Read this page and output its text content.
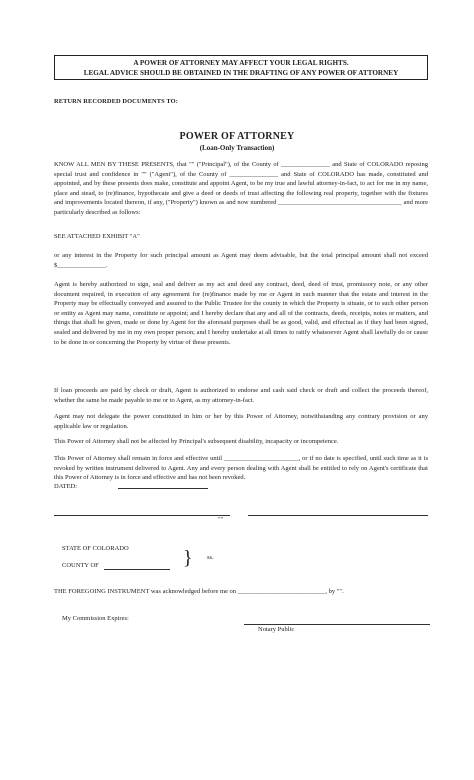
A POWER OF ATTORNEY MAY AFFECT YOUR LEGAL RIGHTS.
LEGAL ADVICE SHOULD BE OBTAINED IN THE DRAFTING OF ANY POWER OF ATTORNEY
RETURN RECORDED DOCUMENTS TO:
POWER OF ATTORNEY
(Loan-Only Transaction)
KNOW ALL MEN BY THESE PRESENTS, that "" ("Principal"), of the County of _______________ and State of COLORADO reposing special trust and confidence in "" ("Agent"), of the County of _______________ and State of COLORADO has made, constituted and appointed, and by these presents does make, constitute and appoint Agent, to be my true and lawful attorney-in-fact, to act for me in my name, place and stead, to (re)finance, hypothecate and give a deed or deeds of trust affecting the following real property, together with the fixtures and improvements located thereon, if any, ("Property") known as and now numbered ______________________________________ and more particularly described as follows:
SEE ATTACHED EXHIBIT "A"
or any interest in the Property for such principal amount as Agent may deem advisable, but the total principal amount shall not exceed $_______________.
Agent is hereby authorized to sign, seal and deliver as my act and deed any contract, deed, deed of trust, promissory note, or any other document required, in execution of any agreement for (re)finance made by me or Agent in such manner that the estate and interest in the Property may be effectually conveyed and assured to the Public Trustee for the county in which the Property is situate, or to such other person or entity as Agent may name, constitute or appoint; and I hereby declare that any and all of the contracts, deeds, receipts, notes or matters, and things that shall be given, made or done by Agent for the aforesaid purposes shall be as good, valid, and effectual as if they had been signed, sealed and delivered by me in my own proper person; and I hereby undertake at all times to ratify whatsoever Agent shall lawfully do or cause to be done in or concerning the Property by virtue of these presents.
If loan proceeds are paid by check or draft, Agent is authorized to endorse and cash said check or draft and collect the proceeds thereof, whether the same be made payable to me or to Agent, as my attorney-in-fact.
Agent may not delegate the power constituted in him or her by this Power of Attorney, notwithstanding any contrary provision or any applicable law or regulation.
This Power of Attorney shall not be affected by Principal's subsequent disability, incapacity or incompetence.
This Power of Attorney shall remain in force and effective until _______________________, or if no date is specified, until such time as it is revoked by written instrument delivered to Agent. Any and every person dealing with Agent shall be entitled to rely on Agent's certificate that this Power of Attorney is in force and effective and has not been revoked.
DATED:
""
STATE OF COLORADO
COUNTY OF	} ss.
THE FOREGOING INSTRUMENT was acknowledged before me on ___________________________, by "".
My Commission Expires:
Notary Public
